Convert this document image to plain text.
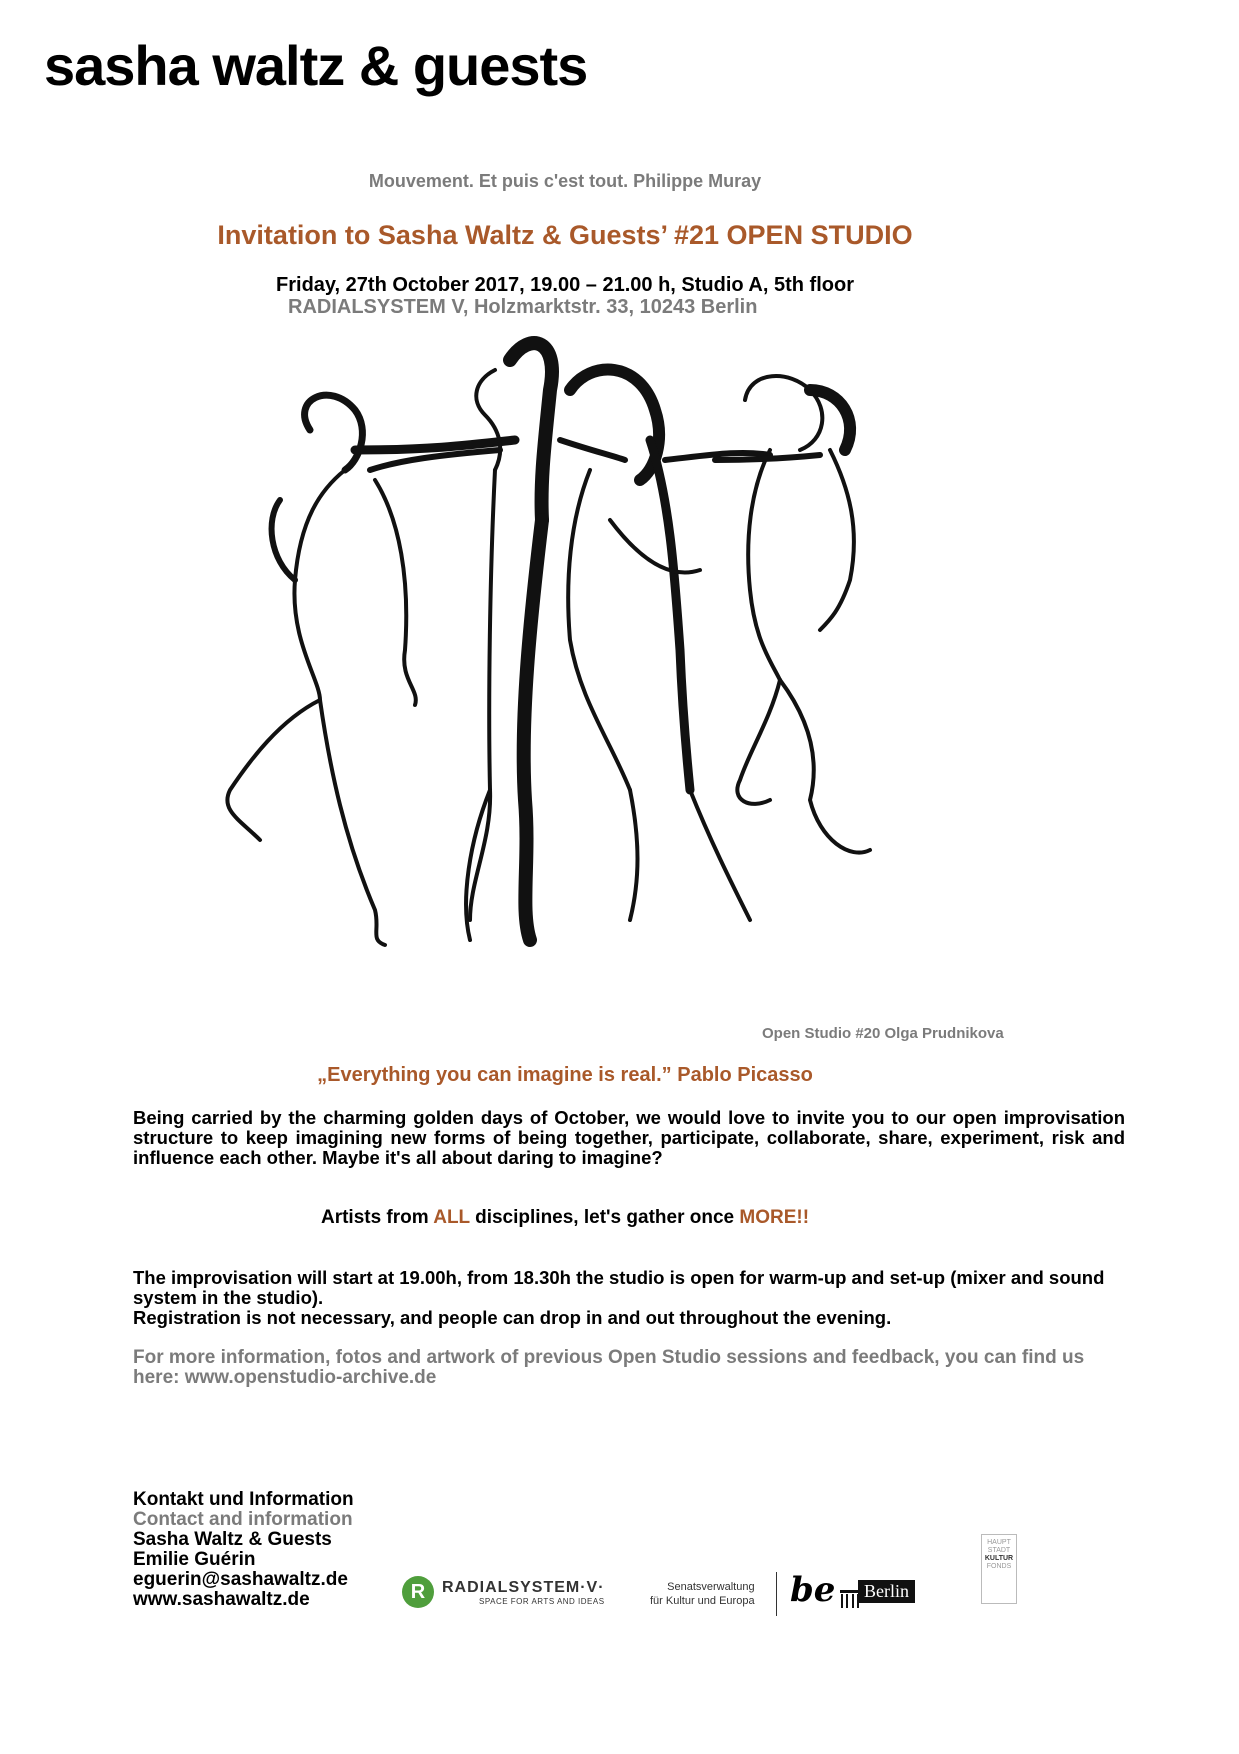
sasha waltz & guests
Mouvement. Et puis c'est tout. Philippe Muray
Invitation to Sasha Waltz & Guests’ #21 OPEN STUDIO
Friday, 27th October 2017, 19.00 – 21.00 h, Studio A, 5th floor
RADIALSYSTEM V, Holzmarktstr. 33, 10243 Berlin
Open Studio #20 Olga Prudnikova
„Everything you can imagine is real.” Pablo Picasso
Being carried by the charming golden days of October, we would love to invite you to our open improvisation structure to keep imagining new forms of being together, participate, collaborate, share, experiment, risk and influence each other. Maybe it's all about daring to imagine?
Artists from ALL disciplines, let's gather once MORE!!
The improvisation will start at 19.00h, from 18.30h the studio is open for warm-up and set-up (mixer and sound system in the studio).
Registration is not necessary, and people can drop in and out throughout the evening.
For more information, fotos and artwork of previous Open Studio sessions and feedback, you can find us here: www.openstudio-archive.de
Kontakt und Information
Contact and information
Sasha Waltz & Guests
Emilie Guérin
eguerin@sashawaltz.de
www.sashawaltz.de	R	RADIALSYSTEM·V·
SPACE FOR ARTS AND IDEAS
Senatsverwaltung
für Kultur und Europa be	Berlin
HAUPT
STADT
KULTUR
FONDS
